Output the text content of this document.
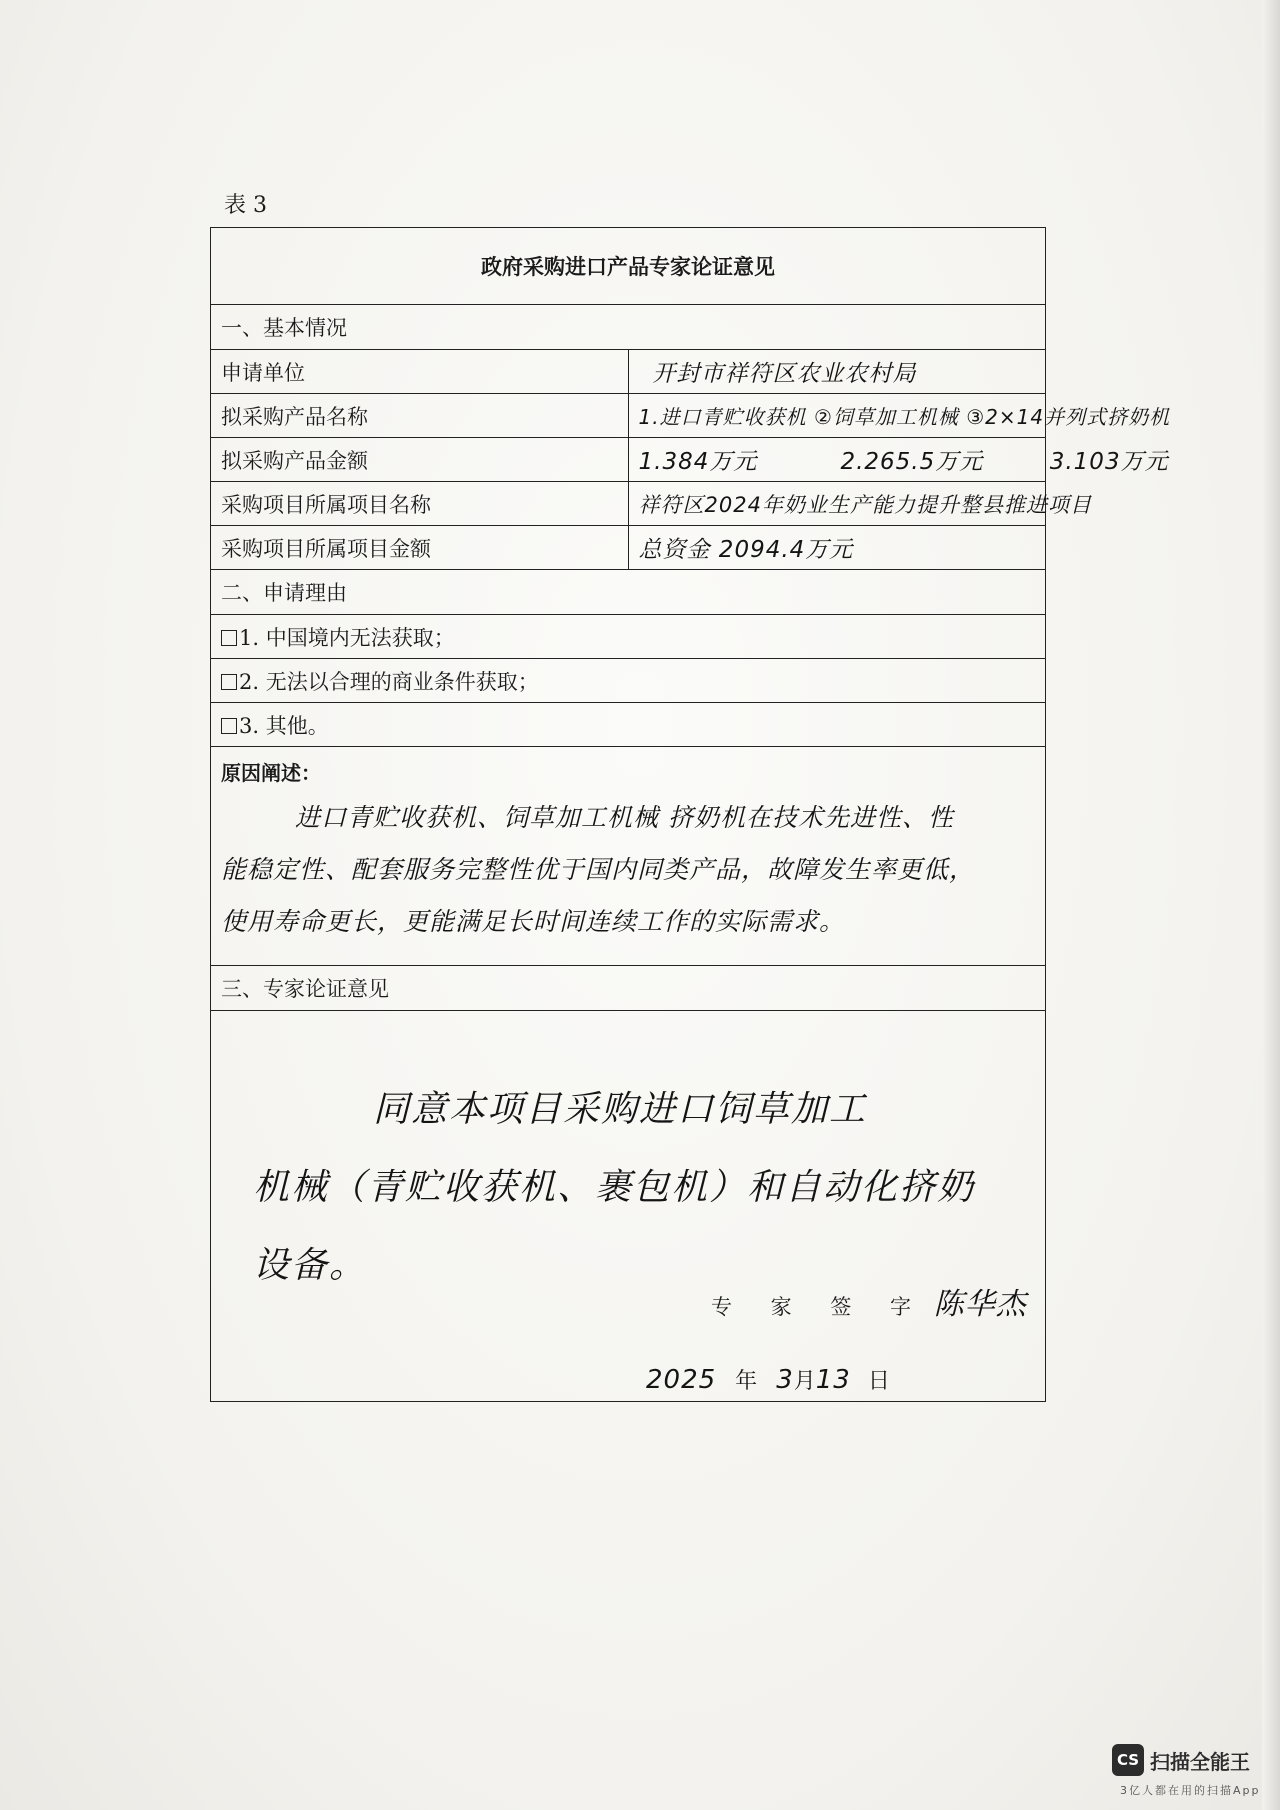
表 3
政府采购进口产品专家论证意见	
一、基本情况	
申请单位	开封市祥符区农业农村局
拟采购产品名称	1.进口青贮收获机 ②饲草加工机械 ③2×14并列式挤奶机
拟采购产品金额	1.384万元          2.265.5万元        3.103万元
采购项目所属项目名称	祥符区2024年奶业生产能力提升整县推进项目
采购项目所属项目金额	总资金 2094.4万元
二、申请理由	
1. 中国境内无法获取；	
2. 无法以合理的商业条件获取；	
3. 其他。	

原因阐述：
进口青贮收获机、饲草加工机械 挤奶机在技术先进性、性
能稳定性、配套服务完整性优于国内同类产品，故障发生率更低，
使用寿命更长，更能满足长时间连续工作的实际需求。	

三、专家论证意见	

同意本项目采购进口饲草加工
机械（青贮收获机、裹包机）和自动化挤奶
设备。
专 家 签 字 陈华杰
2025 年 3月13 日	
CS 扫描全能王
3亿人都在用的扫描App
